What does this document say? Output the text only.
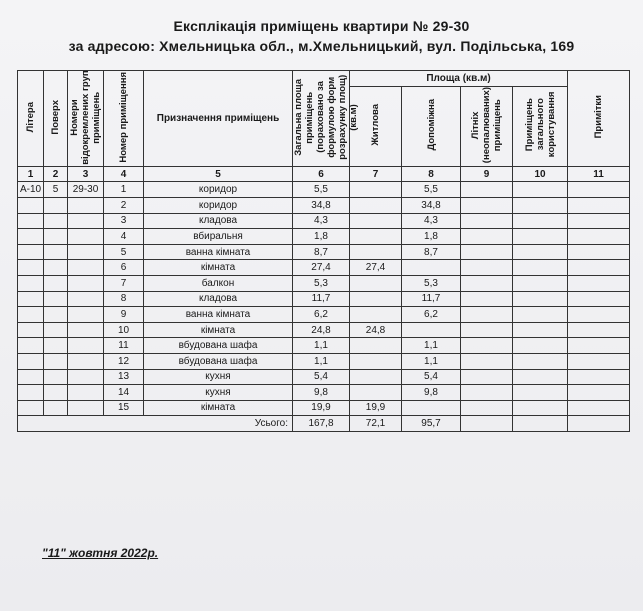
Експлікація приміщень квартири № 29-30
за адресою: Хмельницька обл., м.Хмельницький, вул. Подільська, 169
Літера	Поверх	Номери відокремлених груп приміщень	Номер приміщення	Призначення приміщень	Загальна площа приміщень (пораховано за формулою форм розрахунку площ)(кв.м)	Площа (кв.м)				Примітки
						Житлова	Допоміжна	Літніх (неопалюваних) приміщень	Приміщень загального користування	
1	2	3	4	5	6	7	8	9	10	11
А-10	5	29-30	1	коридор	5,5		5,5			
			2	коридор	34,8		34,8			
			3	кладова	4,3		4,3			
			4	вбиральня	1,8		1,8			
			5	ванна кімната	8,7		8,7			
			6	кімната	27,4	27,4				
			7	балкон	5,3		5,3			
			8	кладова	11,7		11,7			
			9	ванна кімната	6,2		6,2			
			10	кімната	24,8	24,8				
			11	вбудована шафа	1,1		1,1			
			12	вбудована шафа	1,1		1,1			
			13	кухня	5,4		5,4			
			14	кухня	9,8		9,8			
			15	кімната	19,9	19,9				
Усього:					167,8	72,1	95,7			
"11" жовтня 2022р.
